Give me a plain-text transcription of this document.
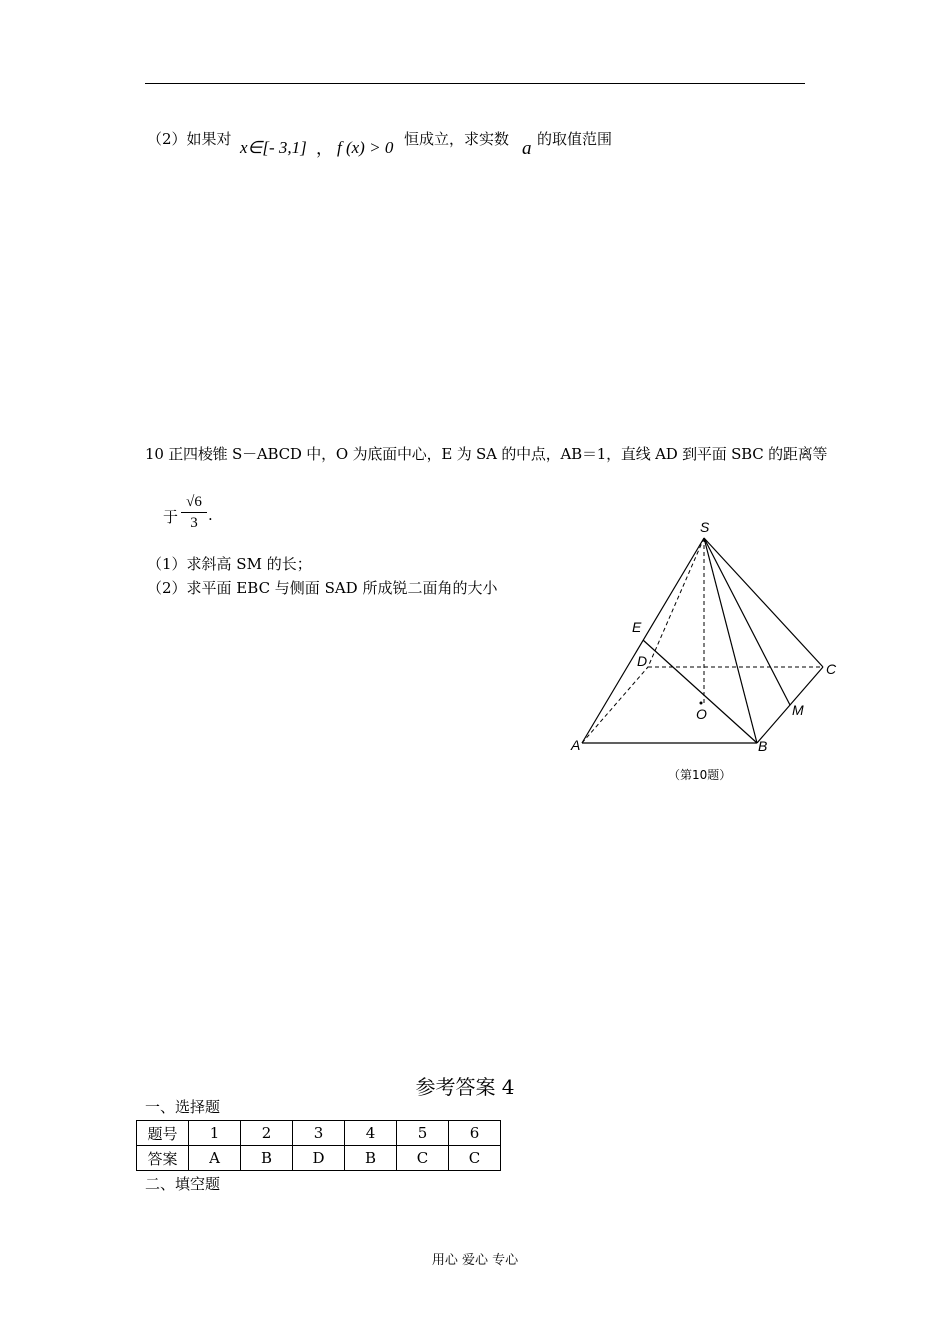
（2）如果对 x∈[- 3,1] ， f (x) > 0 恒成立，求实数 a 的取值范围
10 正四棱锥 S－ABCD 中，O 为底面中心，E 为 SA 的中点，AB＝1，直线 AD 到平面 SBC 的距离等
于 $\frac{√6}{3}$ .
（1）求斜高 SM 的长；
（2）求平面 EBC 与侧面 SAD 所成锐二面角的大小
S
E
D	C
O	M
A	B
（第10题）
参考答案 4
一、选择题
题号	1	2	3	4	5	6
答案	A	B	D	B	C	C
二、填空题
用心 爱心 专心
